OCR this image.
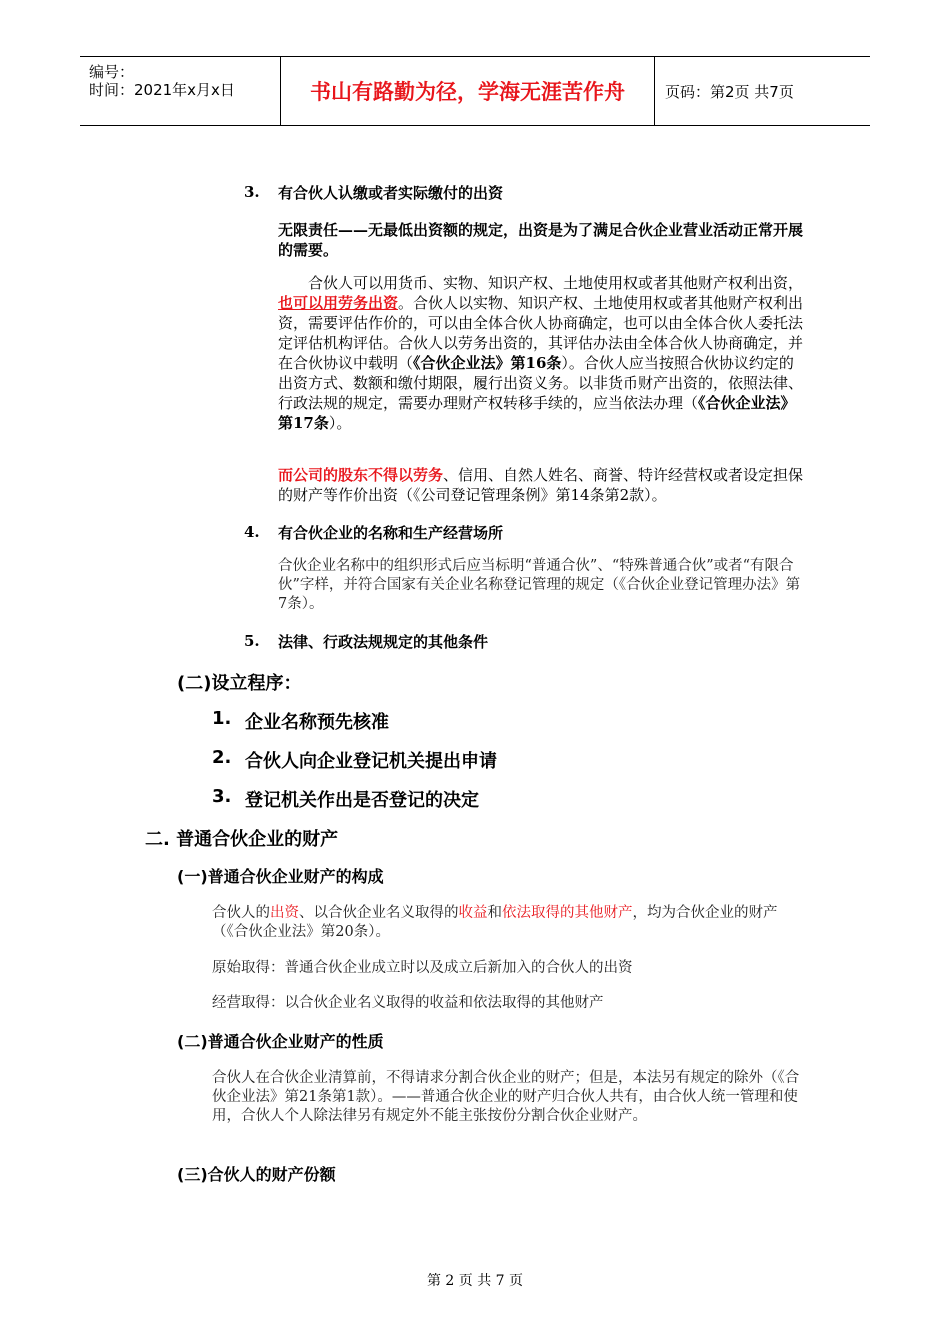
编号：
时间：2021年x月x日	书山有路勤为径，学海无涯苦作舟	页码：第2页 共7页
3. 有合伙人认缴或者实际缴付的出资
无限责任——无最低出资额的规定，出资是为了满足合伙企业营业活动正常开展的需要。
合伙人可以用货币、实物、知识产权、土地使用权或者其他财产权利出资，也可以用劳务出资。合伙人以实物、知识产权、土地使用权或者其他财产权利出资，需要评估作价的，可以由全体合伙人协商确定，也可以由全体合伙人委托法定评估机构评估。合伙人以劳务出资的，其评估办法由全体合伙人协商确定，并在合伙协议中载明（《合伙企业法》第16条）。合伙人应当按照合伙协议约定的出资方式、数额和缴付期限，履行出资义务。以非货币财产出资的，依照法律、行政法规的规定，需要办理财产权转移手续的，应当依法办理（《合伙企业法》第17条）。
而公司的股东不得以劳务、信用、自然人姓名、商誉、特许经营权或者设定担保的财产等作价出资（《公司登记管理条例》第14条第2款）。
4. 有合伙企业的名称和生产经营场所
合伙企业名称中的组织形式后应当标明“普通合伙”、“特殊普通合伙”或者“有限合伙”字样，并符合国家有关企业名称登记管理的规定（《合伙企业登记管理办法》第7条）。
5. 法律、行政法规规定的其他条件
(二)设立程序：
1. 企业名称预先核准
2. 合伙人向企业登记机关提出申请
3. 登记机关作出是否登记的决定
二. 普通合伙企业的财产
(一)普通合伙企业财产的构成
合伙人的出资、以合伙企业名义取得的收益和依法取得的其他财产，均为合伙企业的财产（《合伙企业法》第20条）。
原始取得：普通合伙企业成立时以及成立后新加入的合伙人的出资
经营取得：以合伙企业名义取得的收益和依法取得的其他财产
(二)普通合伙企业财产的性质
合伙人在合伙企业清算前，不得请求分割合伙企业的财产；但是，本法另有规定的除外（《合伙企业法》第21条第1款）。——普通合伙企业的财产归合伙人共有，由合伙人统一管理和使用，合伙人个人除法律另有规定外不能主张按份分割合伙企业财产。
(三)合伙人的财产份额
第 2 页 共 7 页
